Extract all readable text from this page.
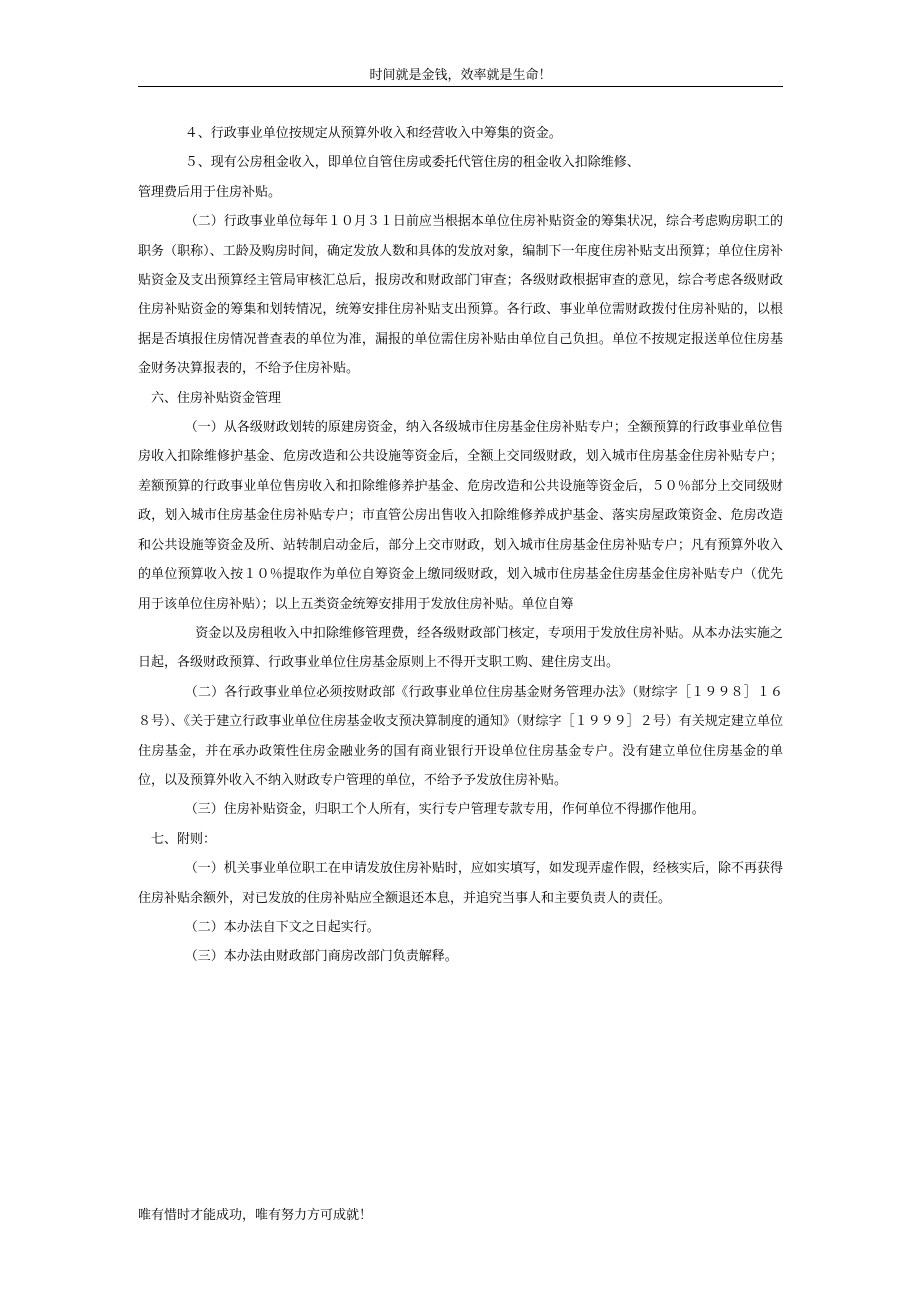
时间就是金钱，效率就是生命！

４、行政事业单位按规定从预算外收入和经营收入中筹集的资金。

５、现有公房租金收入，即单位自管住房或委托代管住房的租金收入扣除维修、

管理费后用于住房补贴。

（二）行政事业单位每年１０月３１日前应当根据本单位住房补贴资金的筹集状况，综合考虑购房职工的职务（职称）、工龄及购房时间，确定发放人数和具体的发放对象，编制下一年度住房补贴支出预算；单位住房补贴资金及支出预算经主管局审核汇总后，报房改和财政部门审查；各级财政根据审查的意见，综合考虑各级财政住房补贴资金的筹集和划转情况，统筹安排住房补贴支出预算。各行政、事业单位需财政拨付住房补贴的，以根据是否填报住房情况普查表的单位为准，漏报的单位需住房补贴由单位自己负担。单位不按规定报送单位住房基金财务决算报表的，不给予住房补贴。

六、住房补贴资金管理

（一）从各级财政划转的原建房资金，纳入各级城市住房基金住房补贴专户；全额预算的行政事业单位售房收入扣除维修护基金、危房改造和公共设施等资金后，全额上交同级财政，划入城市住房基金住房补贴专户；差额预算的行政事业单位售房收入和扣除维修养护基金、危房改造和公共设施等资金后，５０％部分上交同级财政，划入城市住房基金住房补贴专户；市直管公房出售收入扣除维修养成护基金、落实房屋政策资金、危房改造和公共设施等资金及所、站转制启动金后，部分上交市财政，划入城市住房基金住房补贴专户；凡有预算外收入的单位预算收入按１０％提取作为单位自筹资金上缴同级财政，划入城市住房基金住房基金住房补贴专户（优先用于该单位住房补贴）；以上五类资金统筹安排用于发放住房补贴。单位自筹

资金以及房租收入中扣除维修管理费，经各级财政部门核定，专项用于发放住房补贴。从本办法实施之日起，各级财政预算、行政事业单位住房基金原则上不得开支职工购、建住房支出。

（二）各行政事业单位必须按财政部《行政事业单位住房基金财务管理办法》（财综字［１９９８］１６８号）、《关于建立行政事业单位住房基金收支预决算制度的通知》（财综字［１９９９］２号）有关规定建立单位住房基金，并在承办政策性住房金融业务的国有商业银行开设单位住房基金专户。没有建立单位住房基金的单位，以及预算外收入不纳入财政专户管理的单位，不给予予发放住房补贴。

（三）住房补贴资金，归职工个人所有，实行专户管理专款专用，作何单位不得挪作他用。

七、附则：

（一）机关事业单位职工在申请发放住房补贴时，应如实填写，如发现弄虚作假，经核实后，除不再获得住房补贴余额外，对已发放的住房补贴应全额退还本息，并追究当事人和主要负责人的责任。

（二）本办法自下文之日起实行。

（三）本办法由财政部门商房改部门负责解释。

唯有惜时才能成功，唯有努力方可成就！
